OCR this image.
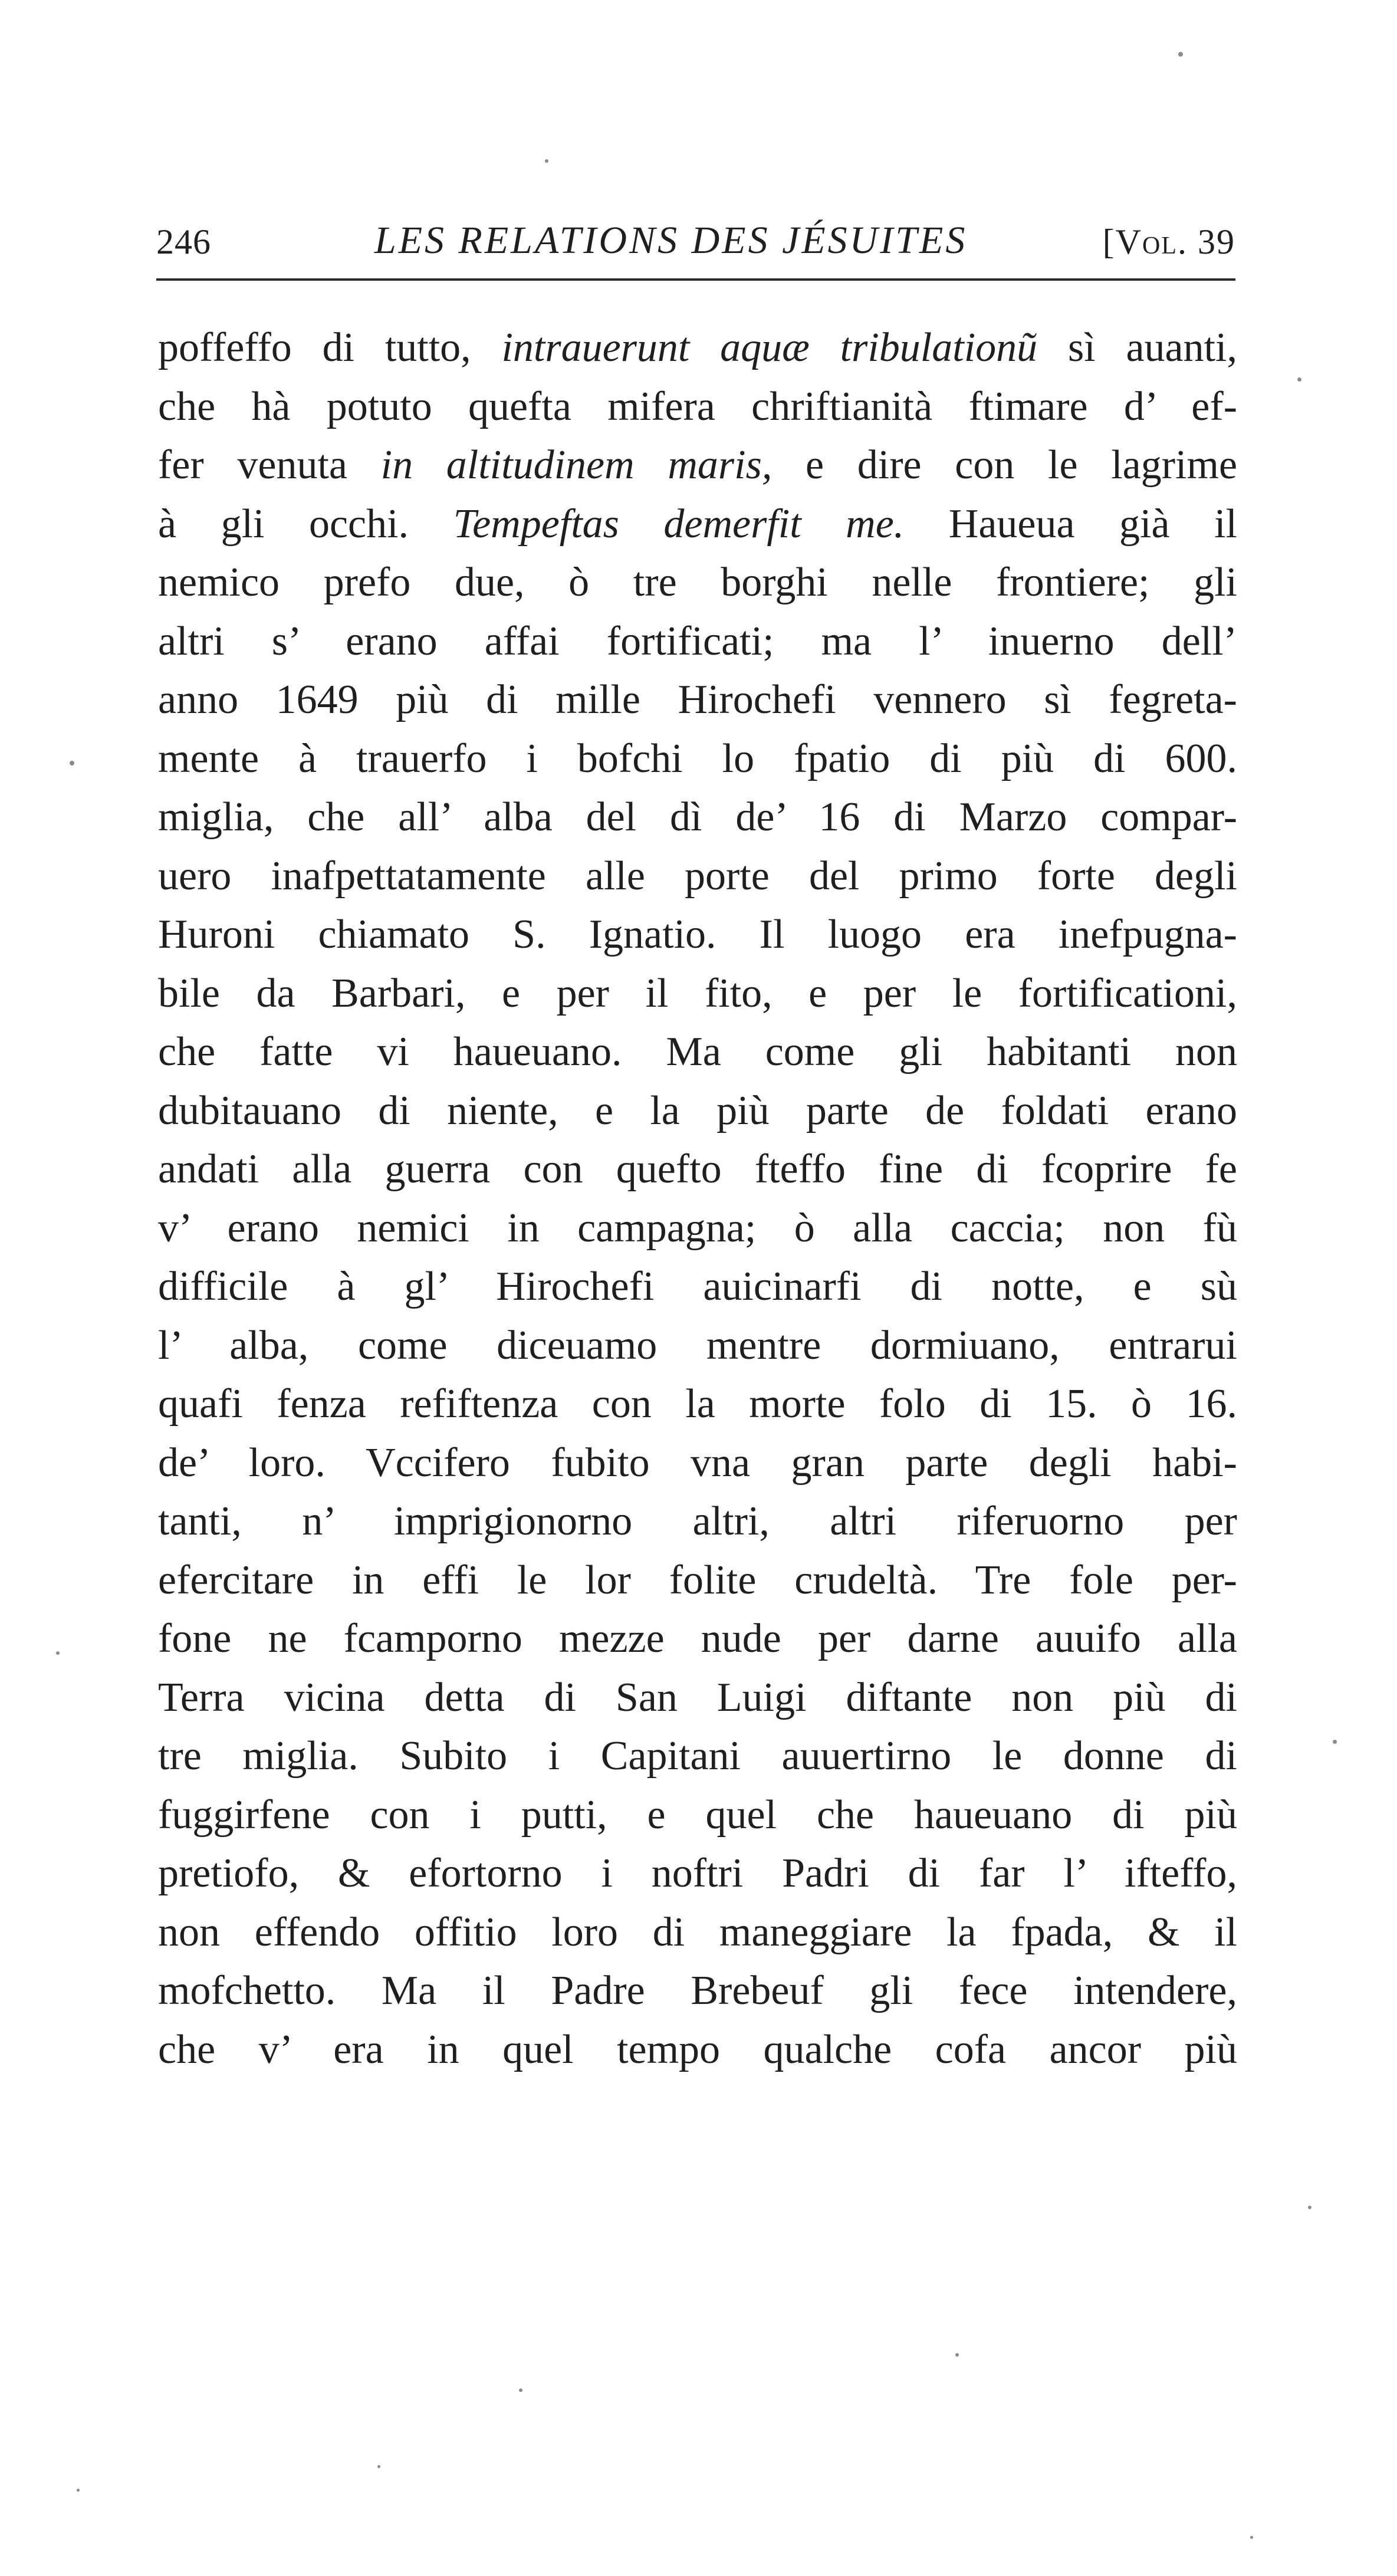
246	LES RELATIONS DES JÉSUITES	[Vol. 39
poffeffo di tutto, intrauerunt aquæ tribulationũ sì auanti,
che hà potuto quefta mifera chriftianità ftimare d’ ef-
fer venuta in altitudinem maris, e dire con le lagrime
à gli occhi. Tempeftas demerfit me. Haueua già il
nemico prefo due, ò tre borghi nelle frontiere; gli
altri s’ erano affai fortificati; ma l’ inuerno dell’
anno 1649 più di mille Hirochefi vennero sì fegreta-
mente à trauerfo i bofchi lo fpatio di più di 600.
miglia, che all’ alba del dì de’ 16 di Marzo compar-
uero inafpettatamente alle porte del primo forte degli
Huroni chiamato S. Ignatio. Il luogo era inefpugna-
bile da Barbari, e per il fito, e per le fortificationi,
che fatte vi haueuano. Ma come gli habitanti non
dubitauano di niente, e la più parte de foldati erano
andati alla guerra con quefto fteffo fine di fcoprire fe
v’ erano nemici in campagna; ò alla caccia; non fù
difficile à gl’ Hirochefi auicinarfi di notte, e sù
l’ alba, come diceuamo mentre dormiuano, entrarui
quafi fenza refiftenza con la morte folo di 15. ò 16.
de’ loro. Vccifero fubito vna gran parte degli habi-
tanti, n’ imprigionorno altri, altri riferuorno per
efercitare in effi le lor folite crudeltà. Tre fole per-
fone ne fcamporno mezze nude per darne auuifo alla
Terra vicina detta di San Luigi diftante non più di
tre miglia. Subito i Capitani auuertirno le donne di
fuggirfene con i putti, e quel che haueuano di più
pretiofo, & efortorno i noftri Padri di far l’ ifteffo,
non effendo offitio loro di maneggiare la fpada, & il
mofchetto. Ma il Padre Brebeuf gli fece intendere,
che v’ era in quel tempo qualche cofa ancor più
